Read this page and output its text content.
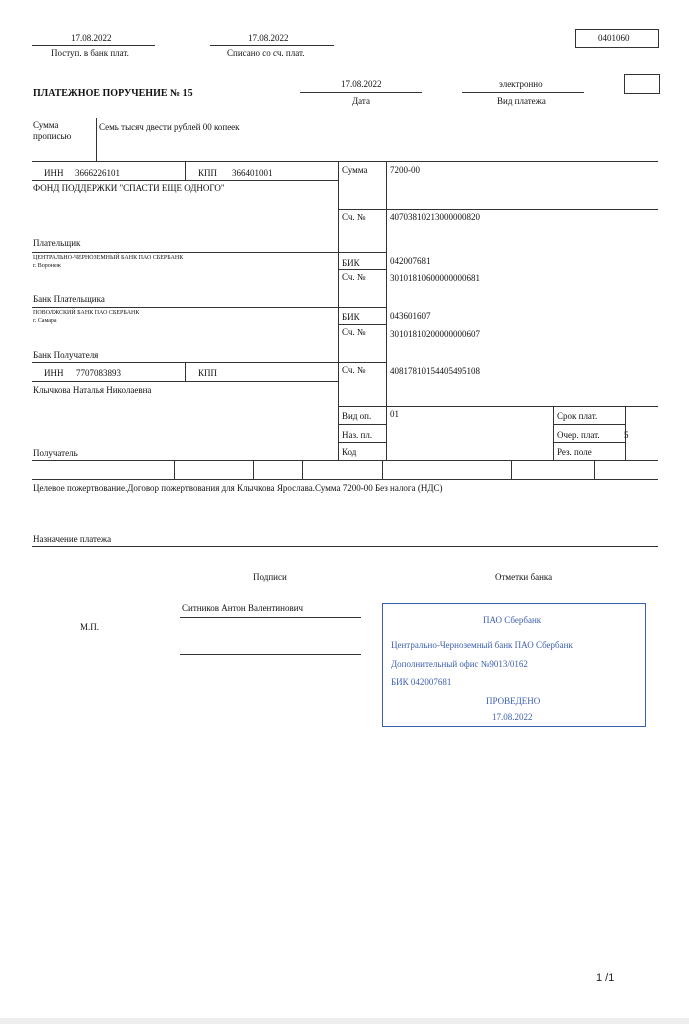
17.08.2022
Поступ. в банк плат.
17.08.2022
Списано со сч. плат.
0401060
ПЛАТЕЖНОЕ ПОРУЧЕНИЕ № 15
17.08.2022
Дата
электронно
Вид платежа
Сумма прописью
Семь тысяч двести рублей 00 копеек
ИНН 3666226101	КПП 366401001
ФОНД ПОДДЕРЖКИ "СПАСТИ ЕЩЕ ОДНОГО"
Сумма	7200-00
Сч. №	40703810213000000820
Плательщик
ЦЕНТРАЛЬНО-ЧЕРНОЗЕМНЫЙ БАНК ПАО СБЕРБАНК
г. Воронеж	БИК	042007681
Сч. №	30101810600000000681
Банк Плательщика
ПОВОЛЖСКИЙ БАНК ПАО СБЕРБАНК
г. Самара	БИК	043601607
Сч. №	30101810200000000607
Банк Получателя
ИНН 7707083893	КПП
Клычкова Наталья Николаевна
Сч. №	40817810154405495108
Вид оп. 01
Наз. пл.
Код
Срок плат.
Очер. плат.	5
Рез. поле
Получатель
Целевое пожертвование.Договор пожертвования для Клычкова Ярослава.Сумма 7200-00 Без налога (НДС)
Назначение платежа
Подписи	Отметки банка
М.П.
Ситников Антон Валентинович
ПАО Сбербанк
Центрально-Черноземный банк ПАО Сбербанк
Дополнительный офис №9013/0162
БИК 042007681
ПРОВЕДЕНО
17.08.2022
1 /1
